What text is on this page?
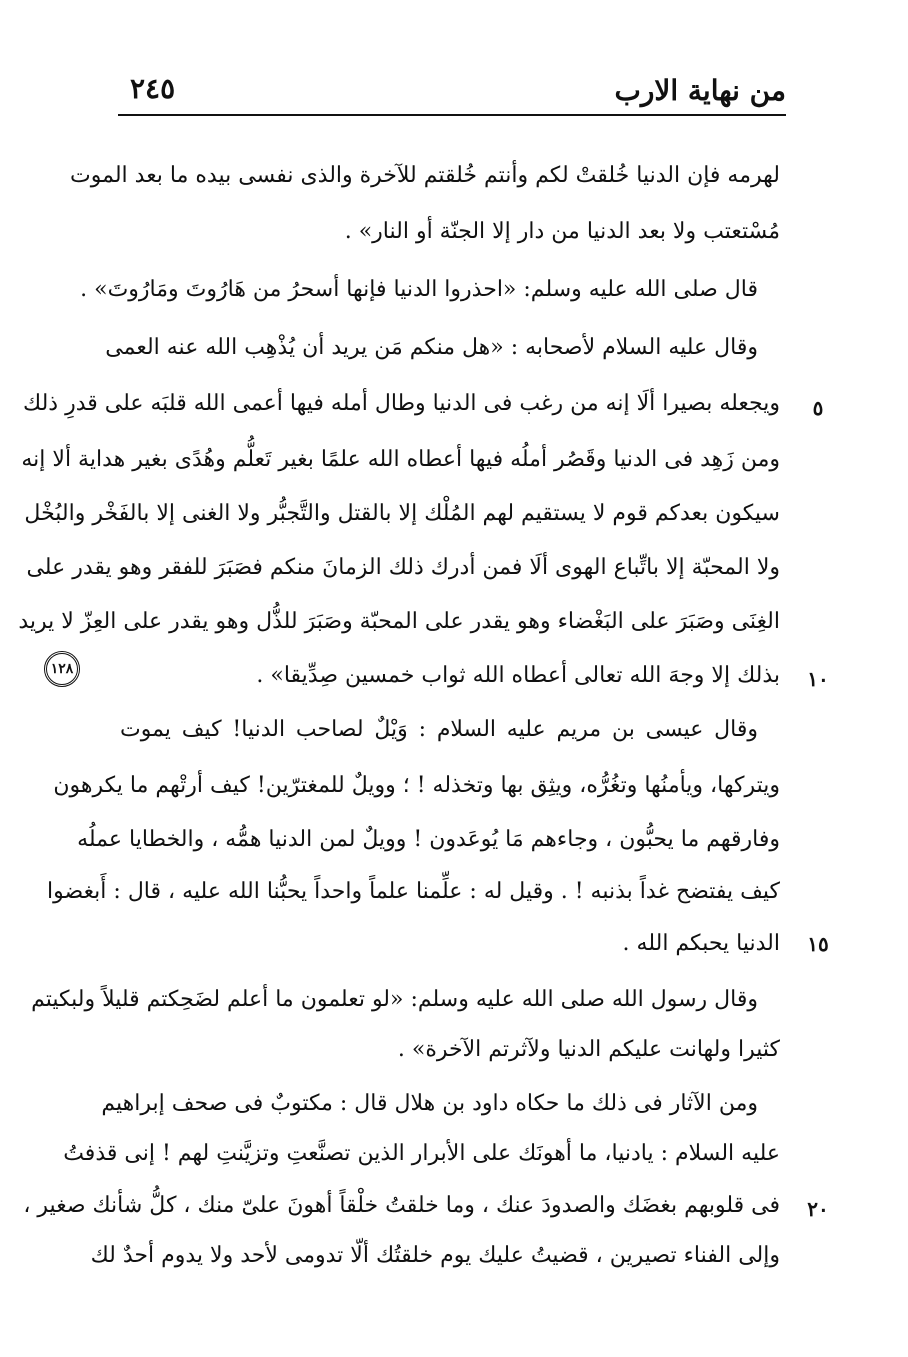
من نهاية الارب
٢٤٥
١٢٨
٥
١٠
١٥
٢٠
لهرمه فإن الدنيا خُلقتْ لكم وأنتم خُلقتم للآخرة والذى نفسى بيده ما بعد الموت
مُسْتعتب ولا بعد الدنيا من دار إلا الجنّة أو النار» .
قال صلى الله عليه وسلم: «احذروا الدنيا فإنها أسحرُ من هَارُوتَ ومَارُوتَ» .
وقال عليه السلام لأصحابه : «هل منكم مَن يريد أن يُذْهِب الله عنه العمى
ويجعله بصيرا ألَا إنه من رغب فى الدنيا وطال أمله فيها أعمى الله قلبَه على قدرِ ذلك
ومن زَهِد فى الدنيا وقَصُر أملُه فيها أعطاه الله علمًا بغير تَعلُّم وهُدًى بغير هداية ألا إنه
سيكون بعدكم قوم لا يستقيم لهم المُلْك إلا بالقتل والتَّجبُّر ولا الغنى إلا بالفَخْر والبُخْل
ولا المحبّة إلا باتِّباع الهوى ألَا فمن أدرك ذلك الزمانَ منكم فصَبَرَ للفقر وهو يقدر على
الغِنَى وصَبَرَ على البَغْضاء وهو يقدر على المحبّة وصَبَرَ للذُّل وهو يقدر على العِزّ لا يريد
بذلك إلا وجهَ الله تعالى أعطاه الله ثواب خمسين صِدِّيقا» .
وقال عيسى بن مريم عليه السلام : وَيْلٌ لصاحب الدنيا! كيف يموت
ويتركها، ويأمنُها وتغُرُّه، ويثِق بها وتخذله ! ؛ وويلٌ للمغترّين! كيف أرتْهم ما يكرهون
وفارقهم ما يحبُّون ، وجاءهم مَا يُوعَدون ! وويلٌ لمن الدنيا همُّه ، والخطايا عملُه
كيف يفتضح غداً بذنبه ! . وقيل له : علِّمنا علماً واحداً يحبُّنا الله عليه ، قال : أَبغضوا
الدنيا يحبكم الله .
وقال رسول الله صلى الله عليه وسلم: «لو تعلمون ما أعلم لضَحِكتم قليلاً ولبكيتم
كثيرا ولهانت عليكم الدنيا ولآثرتم الآخرة» .
ومن الآثار فى ذلك ما حكاه داود بن هلال قال : مكتوبٌ فى صحف إبراهيم
عليه السلام : يادنيا، ما أهونَك على الأبرار الذين تصنَّعتِ وتزيَّنتِ لهم ! إنى قذفتُ
فى قلوبهم بغضَك والصدودَ عنك ، وما خلقتُ خلْقاً أهونَ علىّ منك ، كلُّ شأنك صغير ،
وإلى الفناء تصيرين ، قضيتُ عليك يوم خلقتُك ألّا تدومى لأحد ولا يدوم أحدٌ لك
